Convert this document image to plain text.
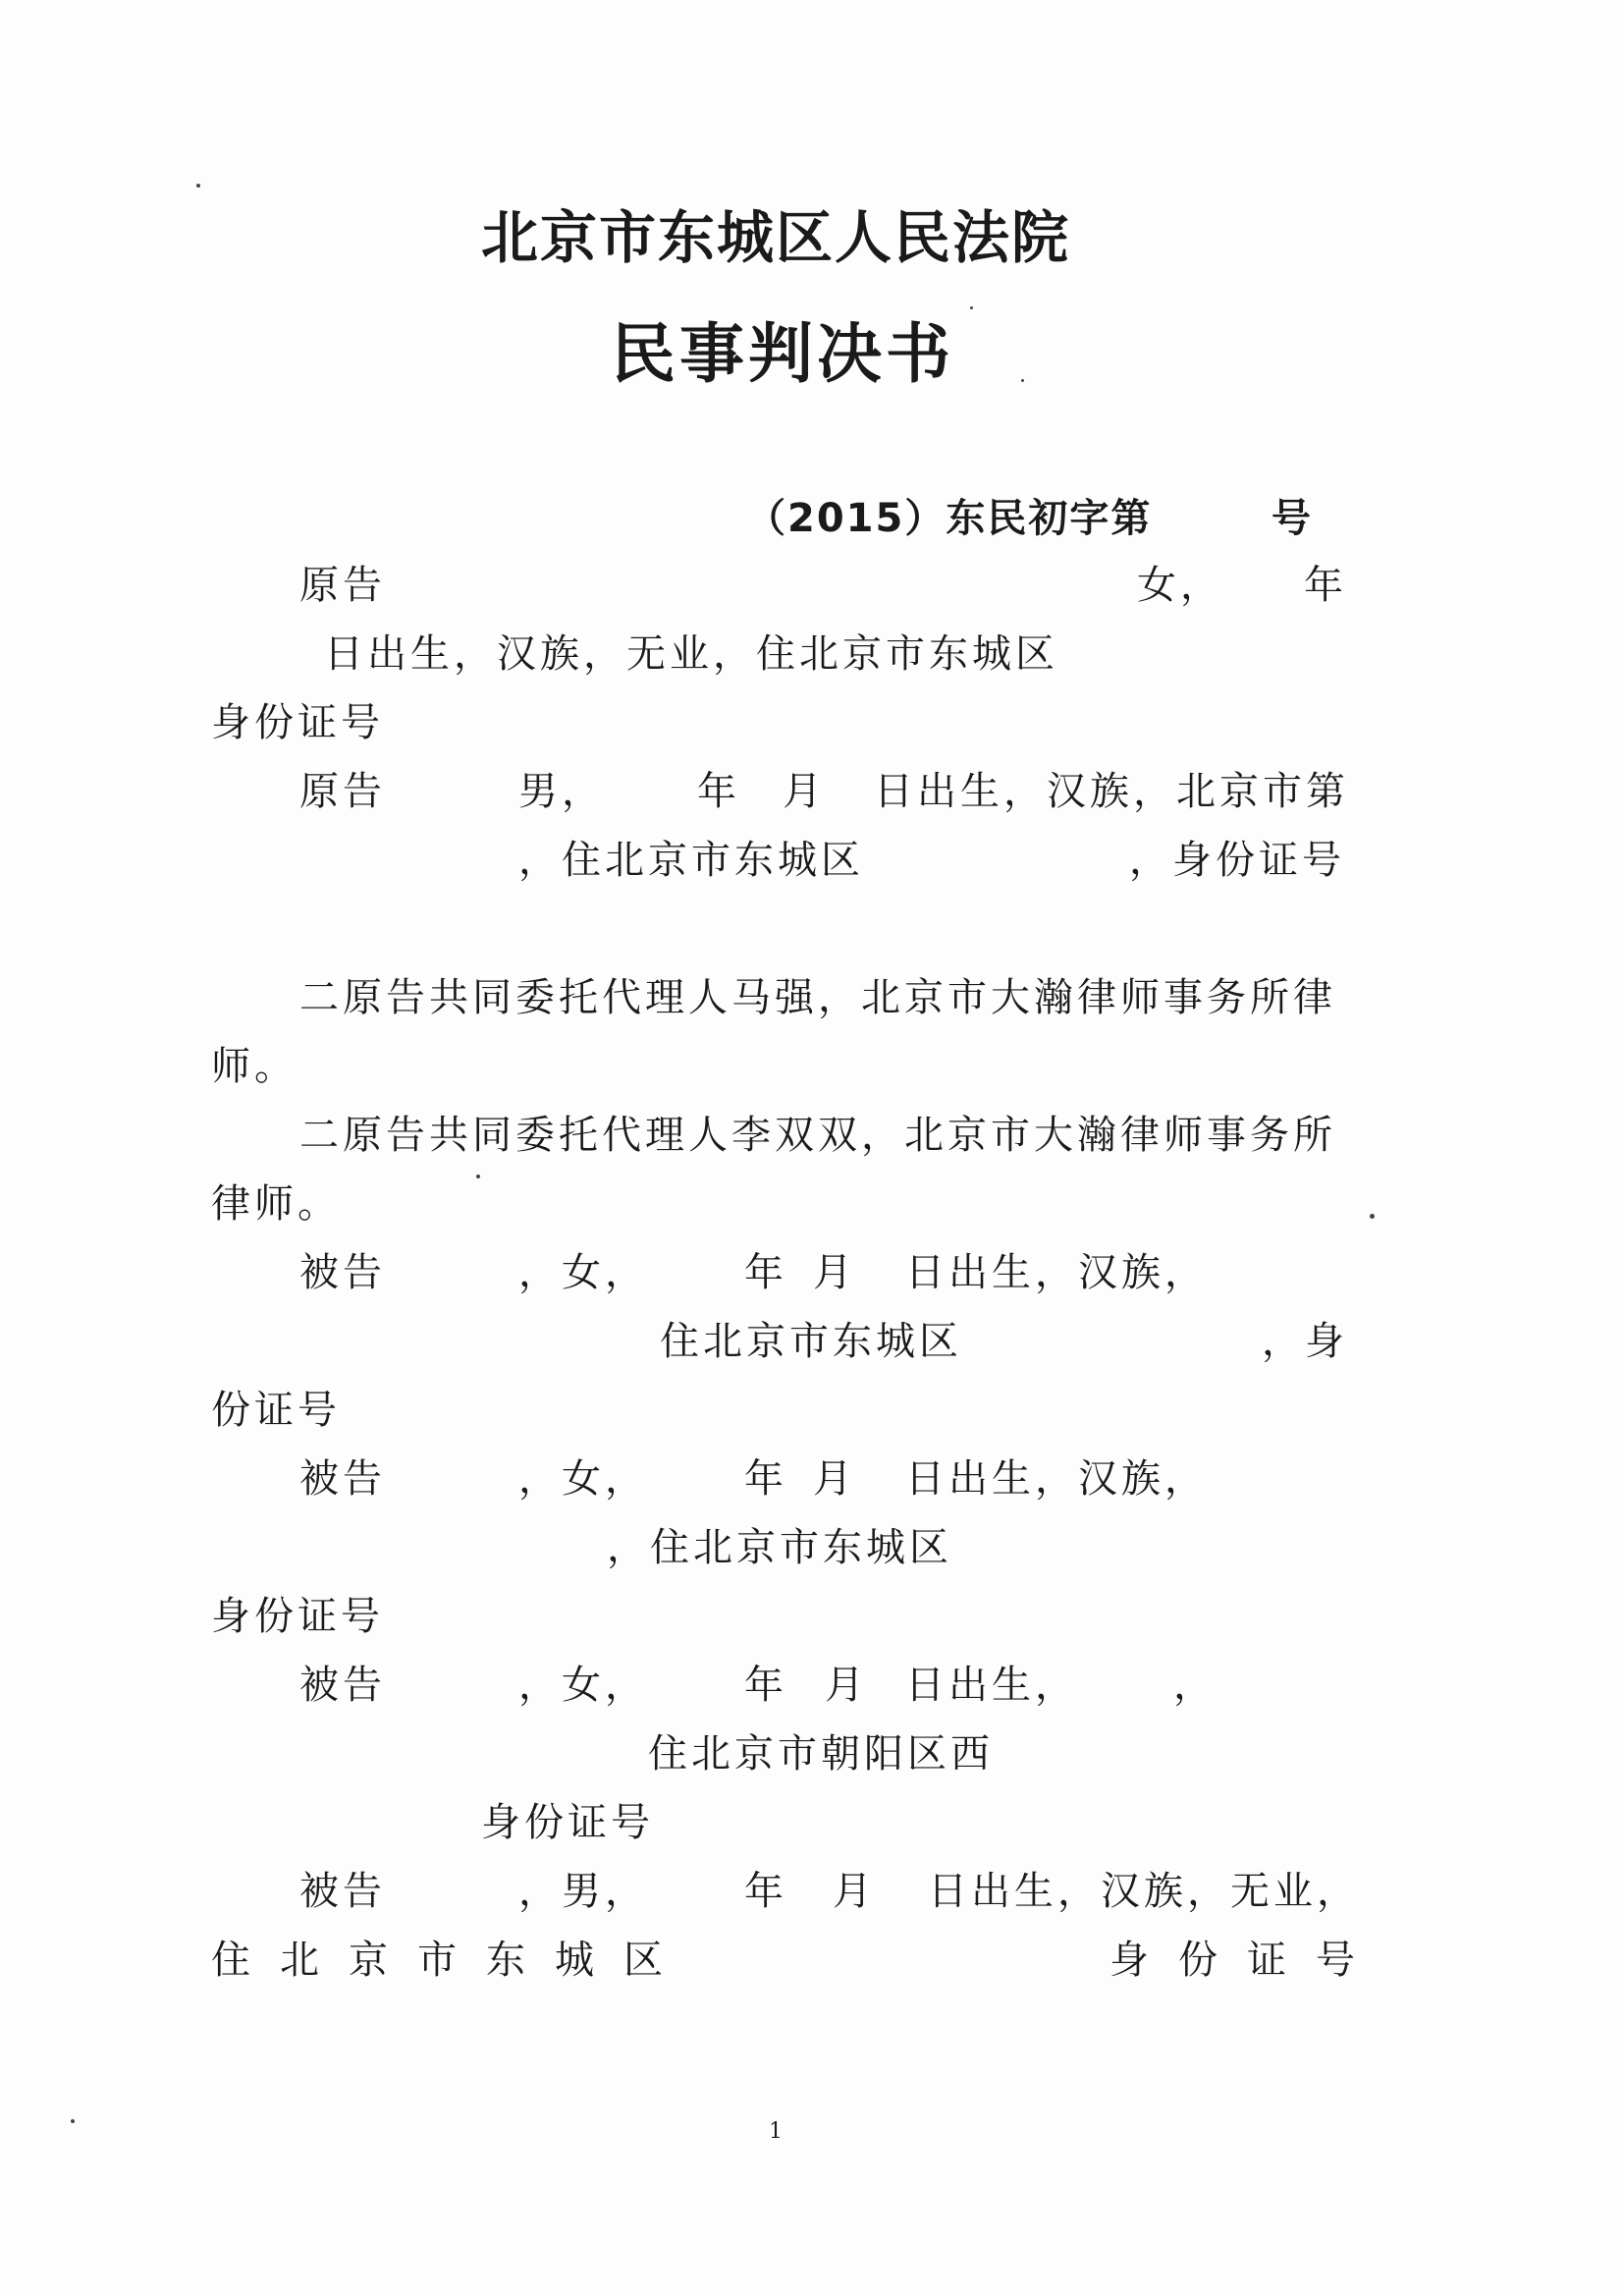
北京市东城区人民法院
民事判决书
（2015）东民初字第	号
原告	女， 年
日出生，汉族，无业，住北京市东城区
身份证号
原告	男， 年 月 日出生，汉族，北京市第
，住北京市东城区	，身份证号
二原告共同委托代理人马强，北京市大瀚律师事务所律
师。
二原告共同委托代理人李双双，北京市大瀚律师事务所
律师。
被告	，女， 年 月 日出生，汉族，
住北京市东城区	，身
份证号
被告	，女， 年 月 日出生，汉族，
，住北京市东城区
身份证号
被告	，女， 年 月 日出生， ，
住北京市朝阳区西
身份证号
被告	，男， 年 月 日出生，汉族，无业，
住北京市东城区	身份证号
1
